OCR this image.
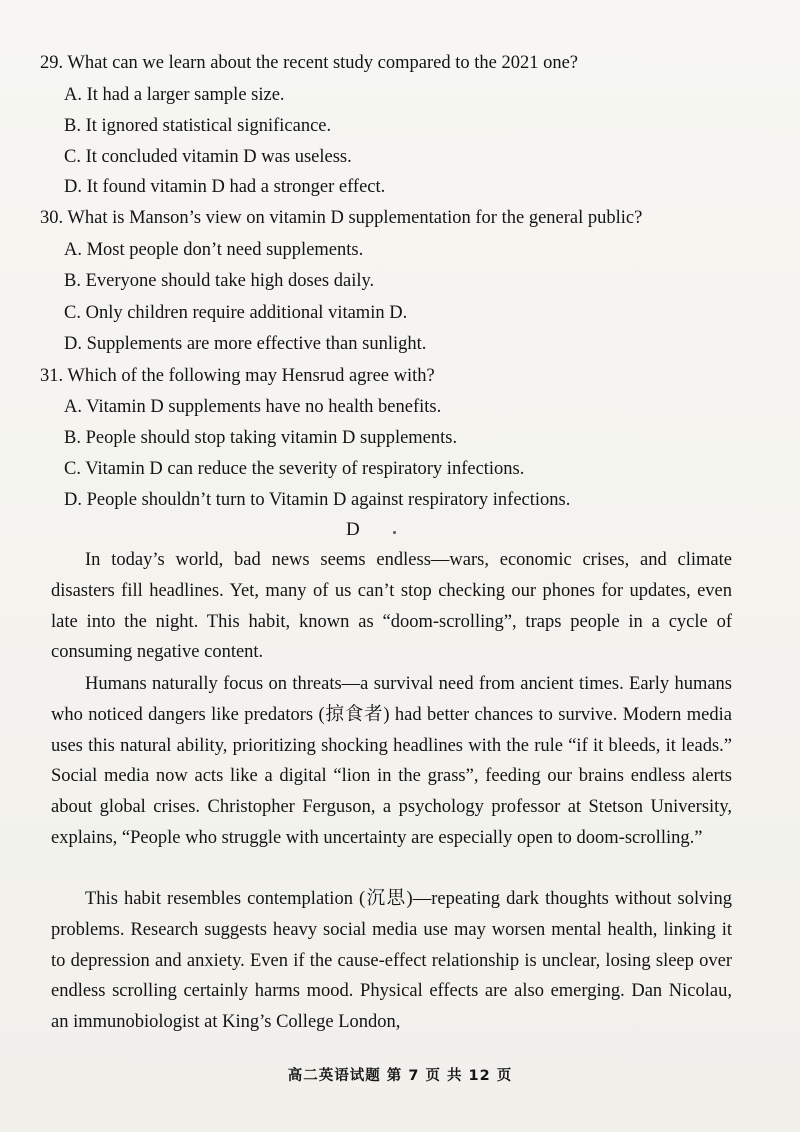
29. What can we learn about the recent study compared to the 2021 one?
A. It had a larger sample size.
B. It ignored statistical significance.
C. It concluded vitamin D was useless.
D. It found vitamin D had a stronger effect.
30. What is Manson’s view on vitamin D supplementation for the general public?
A. Most people don’t need supplements.
B. Everyone should take high doses daily.
C. Only children require additional vitamin D.
D. Supplements are more effective than sunlight.
31. Which of the following may Hensrud agree with?
A. Vitamin D supplements have no health benefits.
B. People should stop taking vitamin D supplements.
C. Vitamin D can reduce the severity of respiratory infections.
D. People shouldn’t turn to Vitamin D against respiratory infections.
D
In today’s world, bad news seems endless—wars, economic crises, and climate disasters fill headlines. Yet, many of us can’t stop checking our phones for updates, even late into the night. This habit, known as “doom-scrolling”, traps people in a cycle of consuming negative content.
Humans naturally focus on threats—a survival need from ancient times. Early humans who noticed dangers like predators (掠食者) had better chances to survive. Modern media uses this natural ability, prioritizing shocking headlines with the rule “if it bleeds, it leads.” Social media now acts like a digital “lion in the grass”, feeding our brains endless alerts about global crises. Christopher Ferguson, a psychology professor at Stetson University, explains, “People who struggle with uncertainty are especially open to doom-scrolling.”
This habit resembles contemplation (沉思)—repeating dark thoughts without solving problems. Research suggests heavy social media use may worsen mental health, linking it to depression and anxiety. Even if the cause-effect relationship is unclear, losing sleep over endless scrolling certainly harms mood. Physical effects are also emerging. Dan Nicolau, an immunobiologist at King’s College London,
高二英语试题 第 7 页 共 12 页
